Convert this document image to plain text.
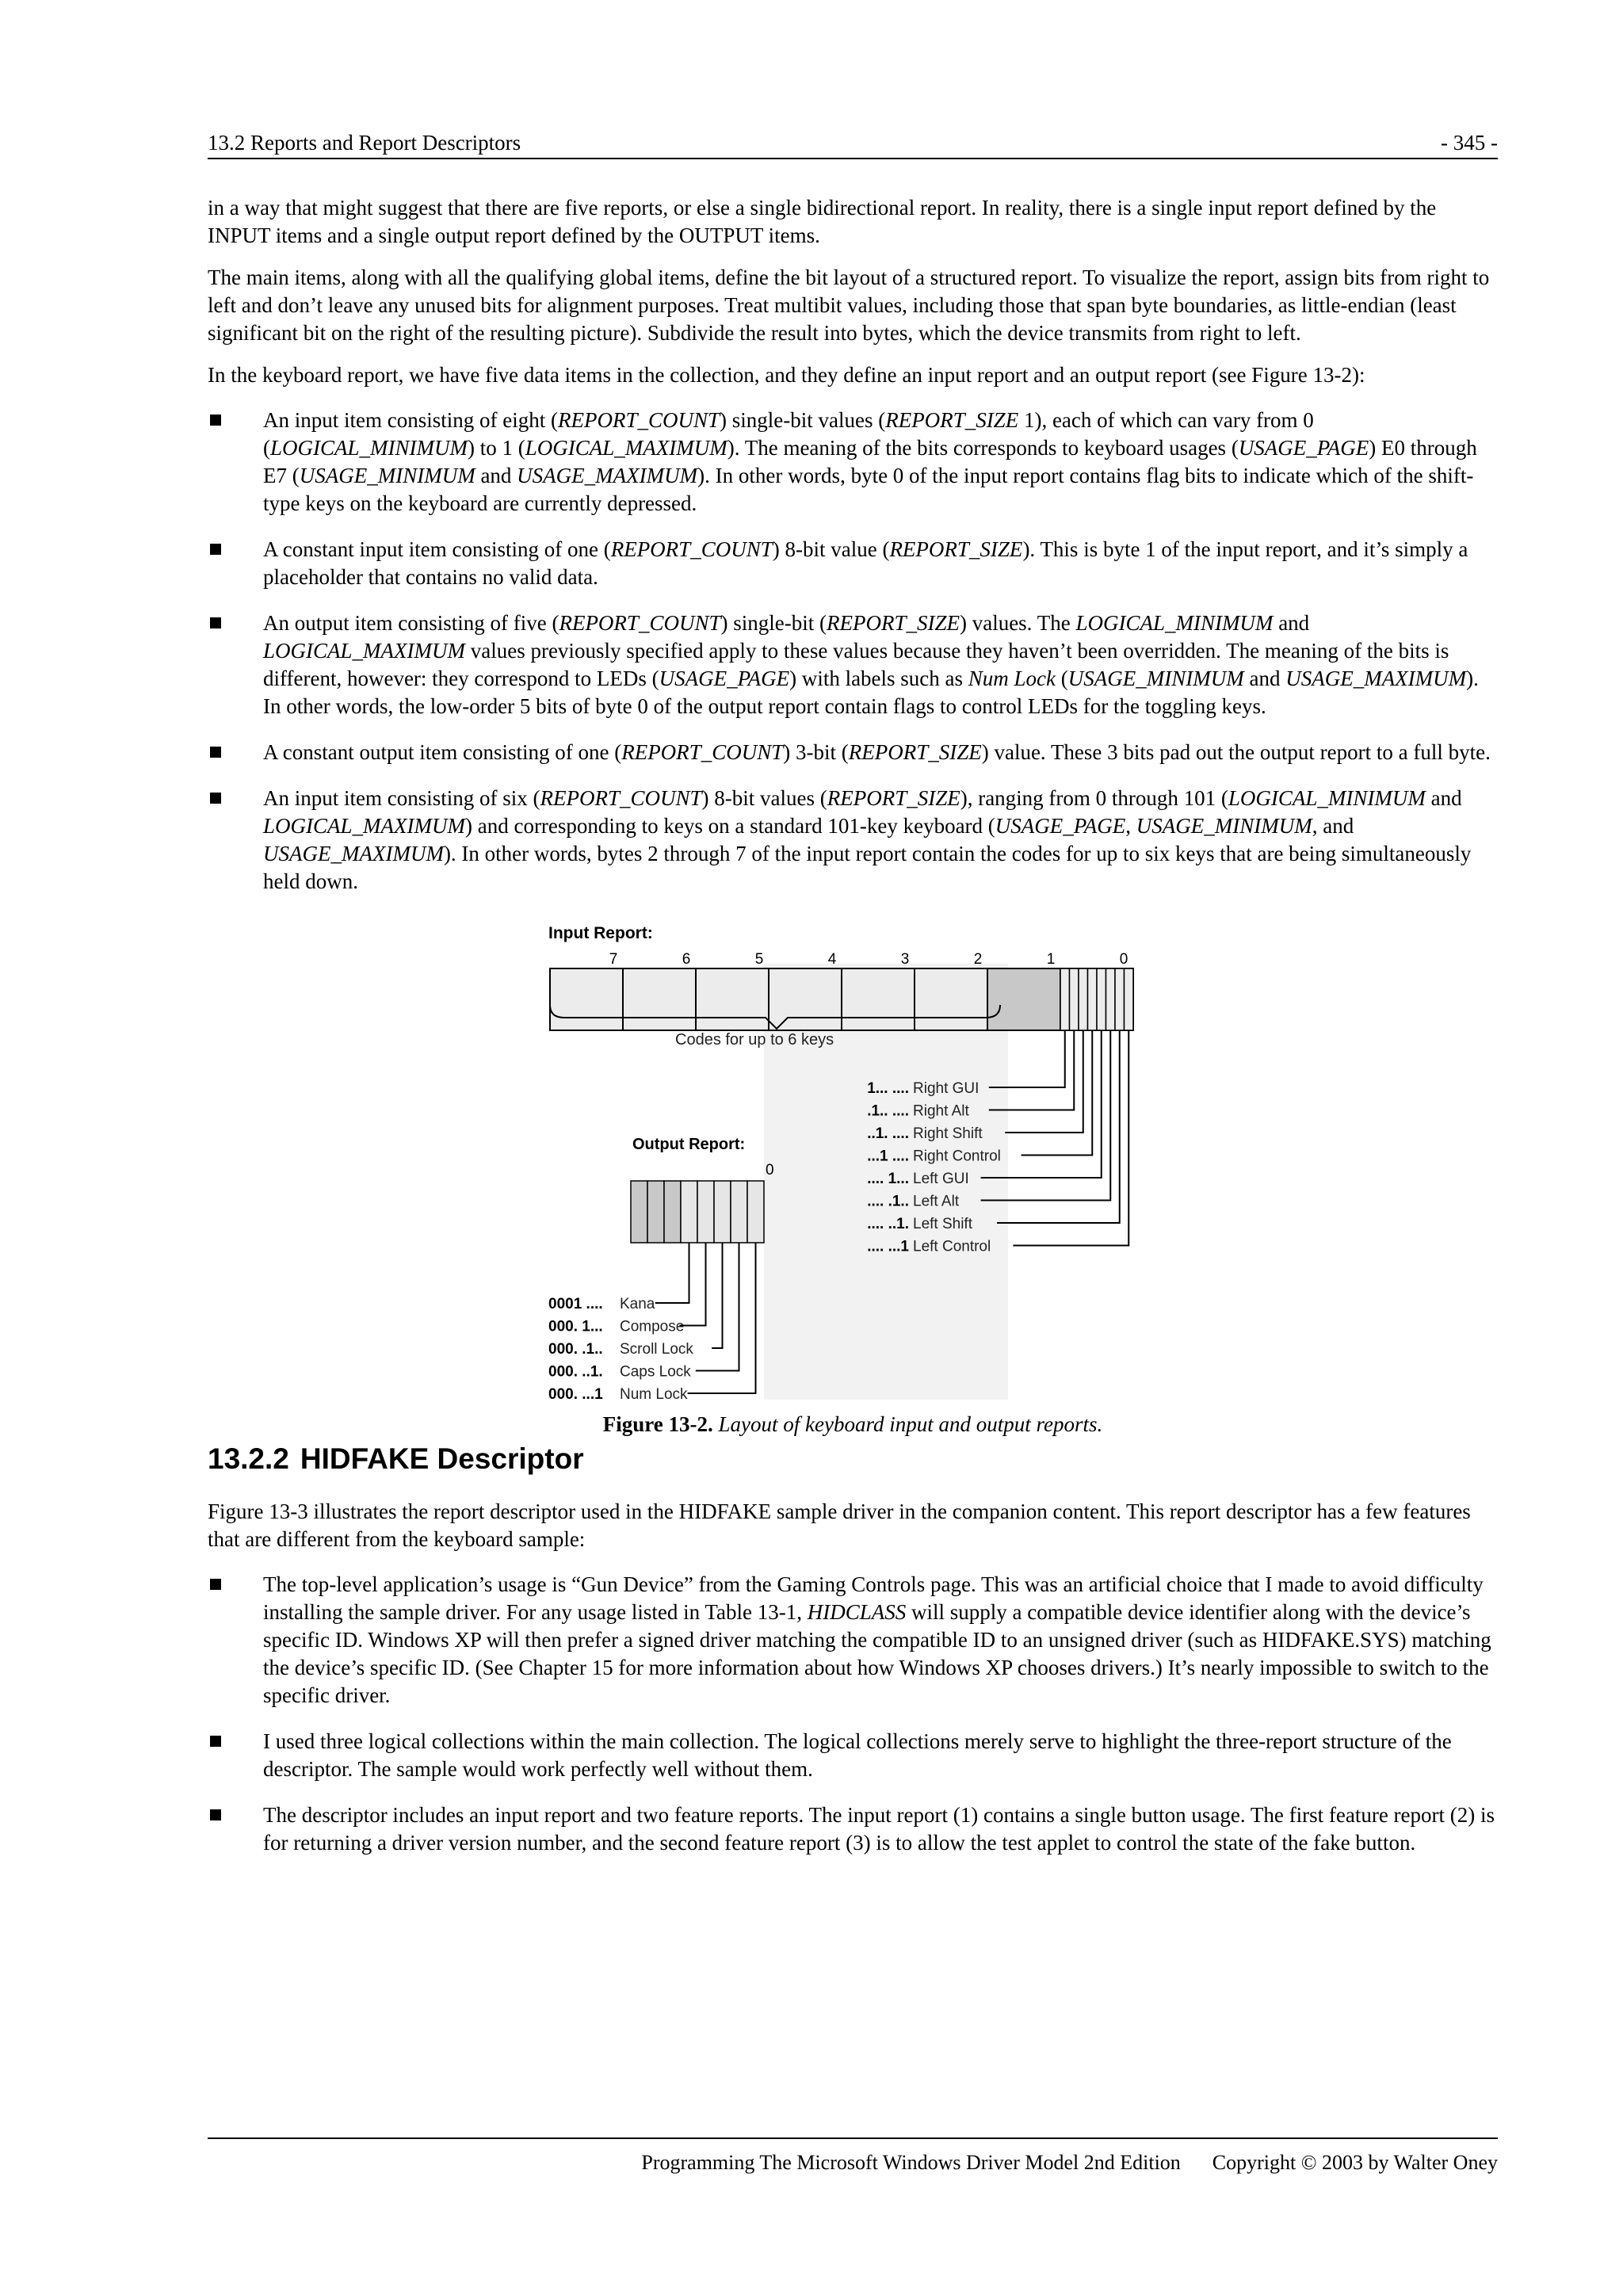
13.2 Reports and Report Descriptors	- 345 -

in a way that might suggest that there are five reports, or else a single bidirectional report. In reality, there is a single input report defined by the INPUT items and a single output report defined by the OUTPUT items.

The main items, along with all the qualifying global items, define the bit layout of a structured report. To visualize the report, assign bits from right to left and don’t leave any unused bits for alignment purposes. Treat multibit values, including those that span byte boundaries, as little-endian (least significant bit on the right of the resulting picture). Subdivide the result into bytes, which the device transmits from right to left.

In the keyboard report, we have five data items in the collection, and they define an input report and an output report (see Figure 13-2):

An input item consisting of eight (REPORT_COUNT) single-bit values (REPORT_SIZE 1), each of which can vary from 0 (LOGICAL_MINIMUM) to 1 (LOGICAL_MAXIMUM). The meaning of the bits corresponds to keyboard usages (USAGE_PAGE) E0 through E7 (USAGE_MINIMUM and USAGE_MAXIMUM). In other words, byte 0 of the input report contains flag bits to indicate which of the shift-type keys on the keyboard are currently depressed.
A constant input item consisting of one (REPORT_COUNT) 8-bit value (REPORT_SIZE). This is byte 1 of the input report, and it’s simply a placeholder that contains no valid data.
An output item consisting of five (REPORT_COUNT) single-bit (REPORT_SIZE) values. The LOGICAL_MINIMUM and LOGICAL_MAXIMUM values previously specified apply to these values because they haven’t been overridden. The meaning of the bits is different, however: they correspond to LEDs (USAGE_PAGE) with labels such as Num Lock (USAGE_MINIMUM and USAGE_MAXIMUM). In other words, the low-order 5 bits of byte 0 of the output report contain flags to control LEDs for the toggling keys.
A constant output item consisting of one (REPORT_COUNT) 3-bit (REPORT_SIZE) value. These 3 bits pad out the output report to a full byte.
An input item consisting of six (REPORT_COUNT) 8-bit values (REPORT_SIZE), ranging from 0 through 101 (LOGICAL_MINIMUM and LOGICAL_MAXIMUM) and corresponding to keys on a standard 101-key keyboard (USAGE_PAGE, USAGE_MINIMUM, and USAGE_MAXIMUM). In other words, bytes 2 through 7 of the input report contain the codes for up to six keys that are being simultaneously held down.
Input Report:
7	6	5	4	3	2	1	0
Codes for up to 6 keys
1... .... Right GUI
.1.. .... Right Alt
..1. .... Right Shift
...1 .... Right Control
.... 1... Left GUI
.... .1.. Left Alt
.... ..1. Left Shift
.... ...1 Left Control
Output Report:
0
0001 .... Kana
000. 1... Compose
000. .1.. Scroll Lock
000. ..1. Caps Lock
000. ...1 Num Lock
Figure 13-2. Layout of keyboard input and output reports.
13.2.2 HIDFAKE Descriptor

Figure 13-3 illustrates the report descriptor used in the HIDFAKE sample driver in the companion content. This report descriptor has a few features that are different from the keyboard sample:

The top-level application’s usage is “Gun Device” from the Gaming Controls page. This was an artificial choice that I made to avoid difficulty installing the sample driver. For any usage listed in Table 13-1, HIDCLASS will supply a compatible device identifier along with the device’s specific ID. Windows XP will then prefer a signed driver matching the compatible ID to an unsigned driver (such as HIDFAKE.SYS) matching the device’s specific ID. (See Chapter 15 for more information about how Windows XP chooses drivers.) It’s nearly impossible to switch to the specific driver.
I used three logical collections within the main collection. The logical collections merely serve to highlight the three-report structure of the descriptor. The sample would work perfectly well without them.
The descriptor includes an input report and two feature reports. The input report (1) contains a single button usage. The first feature report (2) is for returning a driver version number, and the second feature report (3) is to allow the test applet to control the state of the fake button.
Programming The Microsoft Windows Driver Model 2nd Edition Copyright © 2003 by Walter Oney
